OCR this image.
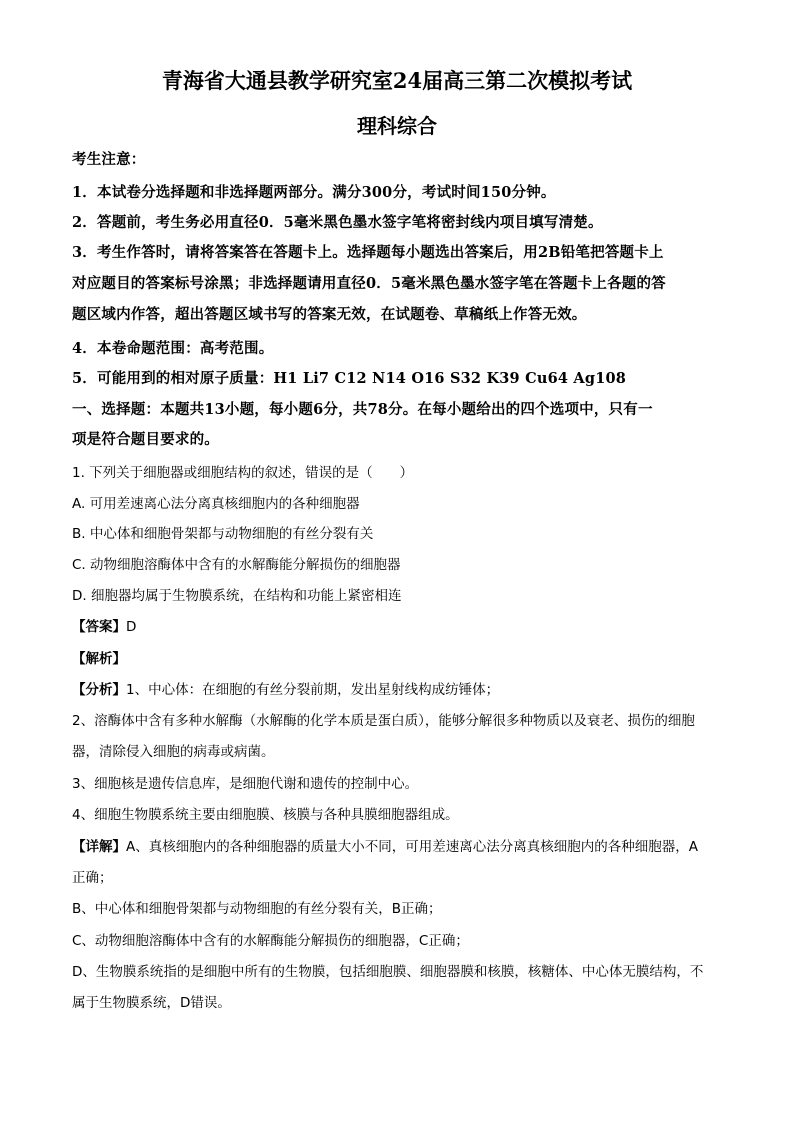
青海省大通县教学研究室24届高三第二次模拟考试
理科综合
考生注意：
1．本试卷分选择题和非选择题两部分。满分300分，考试时间150分钟。
2．答题前，考生务必用直径0．5毫米黑色墨水签字笔将密封线内项目填写清楚。
3．考生作答时，请将答案答在答题卡上。选择题每小题选出答案后，用2B铅笔把答题卡上
对应题目的答案标号涂黑；非选择题请用直径0．5毫米黑色墨水签字笔在答题卡上各题的答
题区域内作答，超出答题区域书写的答案无效，在试题卷、草稿纸上作答无效。
4．本卷命题范围：高考范围。
5．可能用到的相对原子质量：H1 Li7 C12 N14 O16 S32 K39 Cu64 Ag108
一、选择题：本题共13小题，每小题6分，共78分。在每小题给出的四个选项中，只有一
项是符合题目要求的。
1. 下列关于细胞器或细胞结构的叙述，错误的是（　　）
A. 可用差速离心法分离真核细胞内的各种细胞器
B. 中心体和细胞骨架都与动物细胞的有丝分裂有关
C. 动物细胞溶酶体中含有的水解酶能分解损伤的细胞器
D. 细胞器均属于生物膜系统，在结构和功能上紧密相连
【答案】D
【解析】
【分析】1、中心体：在细胞的有丝分裂前期，发出星射线构成纺锤体；
2、溶酶体中含有多种水解酶（水解酶的化学本质是蛋白质），能够分解很多种物质以及衰老、损伤的细胞
器，清除侵入细胞的病毒或病菌。
3、细胞核是遗传信息库，是细胞代谢和遗传的控制中心。
4、细胞生物膜系统主要由细胞膜、核膜与各种具膜细胞器组成。
【详解】A、真核细胞内的各种细胞器的质量大小不同，可用差速离心法分离真核细胞内的各种细胞器，A
正确；
B、中心体和细胞骨架都与动物细胞的有丝分裂有关，B正确；
C、动物细胞溶酶体中含有的水解酶能分解损伤的细胞器，C正确；
D、生物膜系统指的是细胞中所有的生物膜，包括细胞膜、细胞器膜和核膜，核糖体、中心体无膜结构，不
属于生物膜系统，D错误。
